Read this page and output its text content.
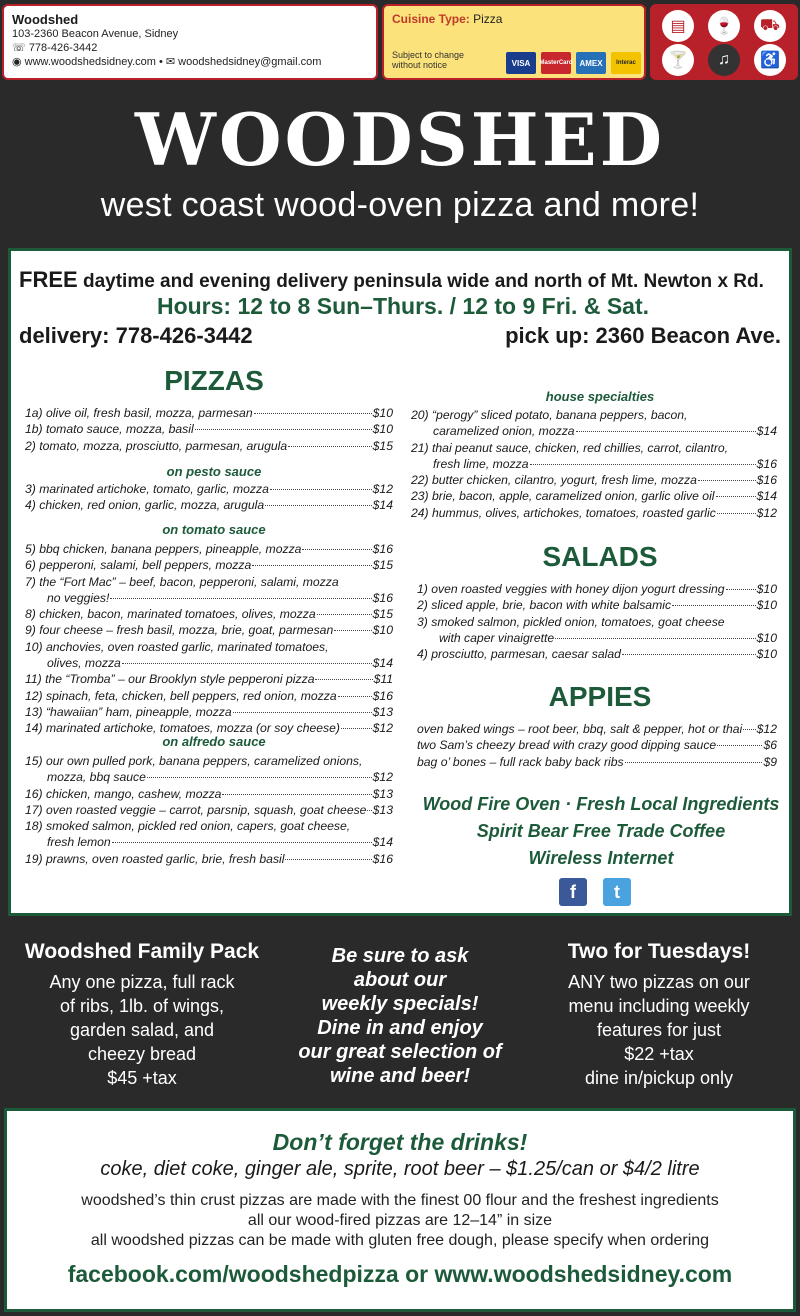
Woodshed
103-2360 Beacon Avenue, Sidney
☏ 778-426-3442
◉ www.woodshedsidney.com • ✉ woodshedsidney@gmail.com
Cuisine Type: Pizza
Subject to change without notice	VISA	MasterCard AMEX	Interac
▤	🍷	⛟
🍸	♫	♿
WOODSHED
west coast wood-oven pizza and more!
FREE daytime and evening delivery peninsula wide and north of Mt. Newton x Rd.
Hours: 12 to 8 Sun–Thurs. / 12 to 9 Fri. & Sat.
delivery: 778-426-3442	pick up: 2360 Beacon Ave.
PIZZAS
1a) olive oil, fresh basil, mozza, parmesan	$10
1b) tomato sauce, mozza, basil	$10
2) tomato, mozza, prosciutto, parmesan, arugula	$15
on pesto sauce
3) marinated artichoke, tomato, garlic, mozza	$12
4) chicken, red onion, garlic, mozza, arugula	$14
on tomato sauce
5) bbq chicken, banana peppers, pineapple, mozza	$16
6) pepperoni, salami, bell peppers, mozza	$15
7) the “Fort Mac” – beef, bacon, pepperoni, salami, mozza
no veggies!	$16
8) chicken, bacon, marinated tomatoes, olives, mozza	$15
9) four cheese – fresh basil, mozza, brie, goat, parmesan	$10
10) anchovies, oven roasted garlic, marinated tomatoes,
olives, mozza	$14
11) the “Tromba” – our Brooklyn style pepperoni pizza	$11
12) spinach, feta, chicken, bell peppers, red onion, mozza	$16
13) “hawaiian” ham, pineapple, mozza	$13
14) marinated artichoke, tomatoes, mozza (or soy cheese)	$12
on alfredo sauce
15) our own pulled pork, banana peppers, caramelized onions,
mozza, bbq sauce	$12
16) chicken, mango, cashew, mozza	$13
17) oven roasted veggie – carrot, parsnip, squash, goat cheese $13
18) smoked salmon, pickled red onion, capers, goat cheese,
fresh lemon	$14
19) prawns, oven roasted garlic, brie, fresh basil	$16
house specialties
20) “perogy” sliced potato, banana peppers, bacon,
caramelized onion, mozza	$14
21) thai peanut sauce, chicken, red chillies, carrot, cilantro,
fresh lime, mozza	$16
22) butter chicken, cilantro, yogurt, fresh lime, mozza	$16
23) brie, bacon, apple, caramelized onion, garlic olive oil	$14
24) hummus, olives, artichokes, tomatoes, roasted garlic	$12
SALADS
1) oven roasted veggies with honey dijon yogurt dressing	$10
2) sliced apple, brie, bacon with white balsamic	$10
3) smoked salmon, pickled onion, tomatoes, goat cheese
with caper vinaigrette	$10
4) prosciutto, parmesan, caesar salad	$10
APPIES
oven baked wings – root beer, bbq, salt & pepper, hot or thai $12
two Sam’s cheezy bread with crazy good dipping sauce	$6
bag o’ bones – full rack baby back ribs	$9
Wood Fire Oven · Fresh Local Ingredients
Spirit Bear Free Trade Coffee
Wireless Internet
f	t
Woodshed Family Pack

Any one pizza, full rack

of ribs, 1lb. of wings,

garden salad, and

cheezy bread

$45 +tax

Be sure to ask
about our
weekly specials!
Dine in and enjoy
our great selection of
wine and beer!
Two for Tuesdays!

ANY two pizzas on our

menu including weekly

features for just

$22 +tax

dine in/pickup only

Don’t forget the drinks!
coke, diet coke, ginger ale, sprite, root beer – $1.25/can or $4/2 litre
woodshed’s thin crust pizzas are made with the finest 00 flour and the freshest ingredients
all our wood-fired pizzas are 12–14” in size
all woodshed pizzas can be made with gluten free dough, please specify when ordering
facebook.com/woodshedpizza or www.woodshedsidney.com
